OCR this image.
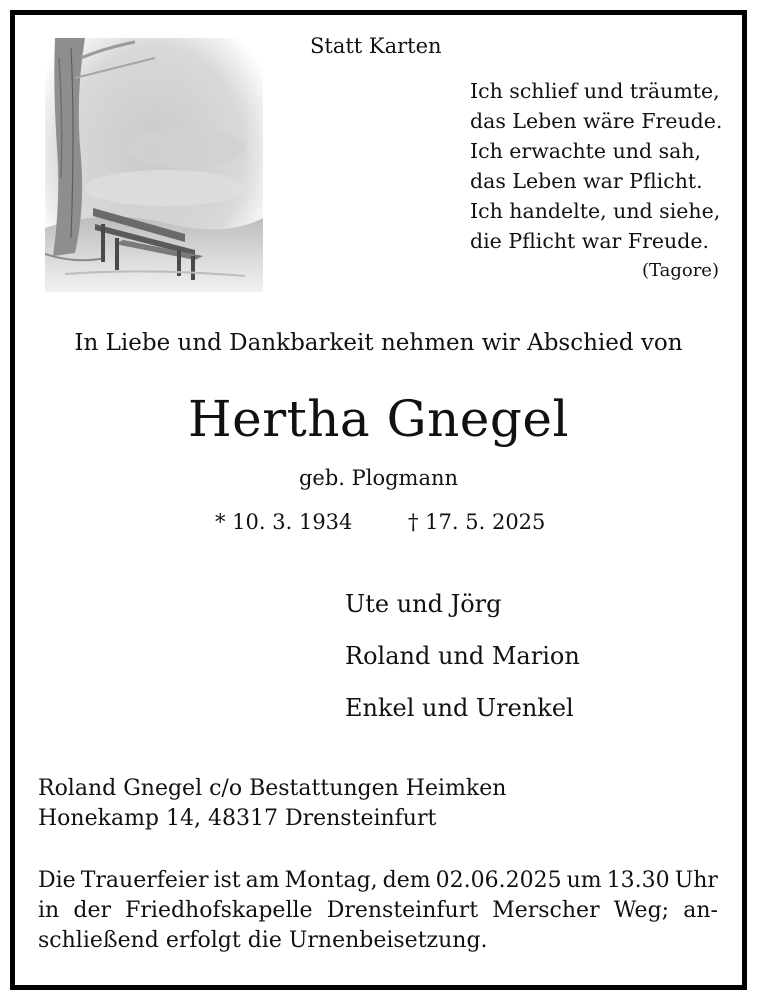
Statt Karten
Ich schlief und träumte,
das Leben wäre Freude.
Ich erwachte und sah,
das Leben war Pflicht.
Ich handelte, und siehe,
die Pflicht war Freude.
(Tagore)
In Liebe und Dankbarkeit nehmen wir Abschied von
Hertha Gnegel
geb. Plogmann
* 10. 3. 1934	† 17. 5. 2025
Ute und Jörg
Roland und Marion
Enkel und Urenkel
Roland Gnegel c/o Bestattungen Heimken
Honekamp 14, 48317 Drensteinfurt
Die Trauerfeier ist am Montag, dem 02.06.2025 um 13.30 Uhr
in der Friedhofskapelle Drensteinfurt Merscher Weg; an-
schließend erfolgt die Urnenbeisetzung.
